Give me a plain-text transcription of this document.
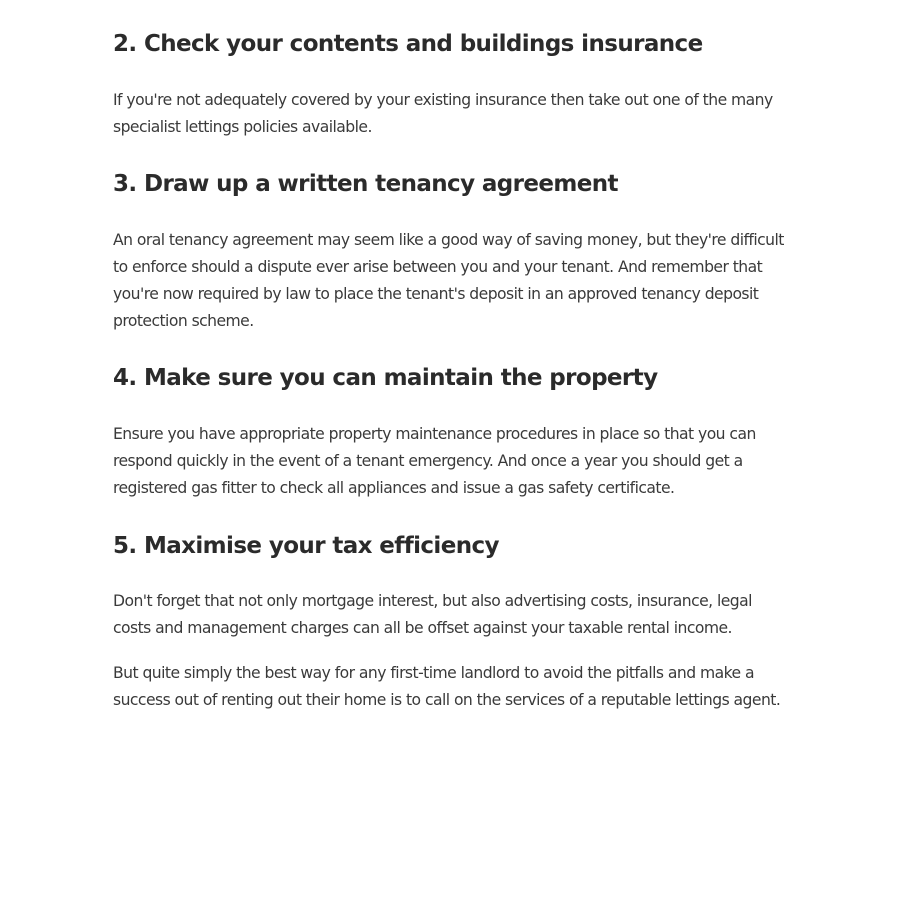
2. Check your contents and buildings insurance

If you're not adequately covered by your existing insurance then take out one of the many specialist lettings policies available.

3. Draw up a written tenancy agreement

An oral tenancy agreement may seem like a good way of saving money, but they're difficult to enforce should a dispute ever arise between you and your tenant. And remember that you're now required by law to place the tenant's deposit in an approved tenancy deposit protection scheme.

4. Make sure you can maintain the property

Ensure you have appropriate property maintenance procedures in place so that you can respond quickly in the event of a tenant emergency. And once a year you should get a registered gas fitter to check all appliances and issue a gas safety certificate.

5. Maximise your tax efficiency

Don't forget that not only mortgage interest, but also advertising costs, insurance, legal costs and management charges can all be offset against your taxable rental income.

But quite simply the best way for any first-time landlord to avoid the pitfalls and make a success out of renting out their home is to call on the services of a reputable lettings agent.
